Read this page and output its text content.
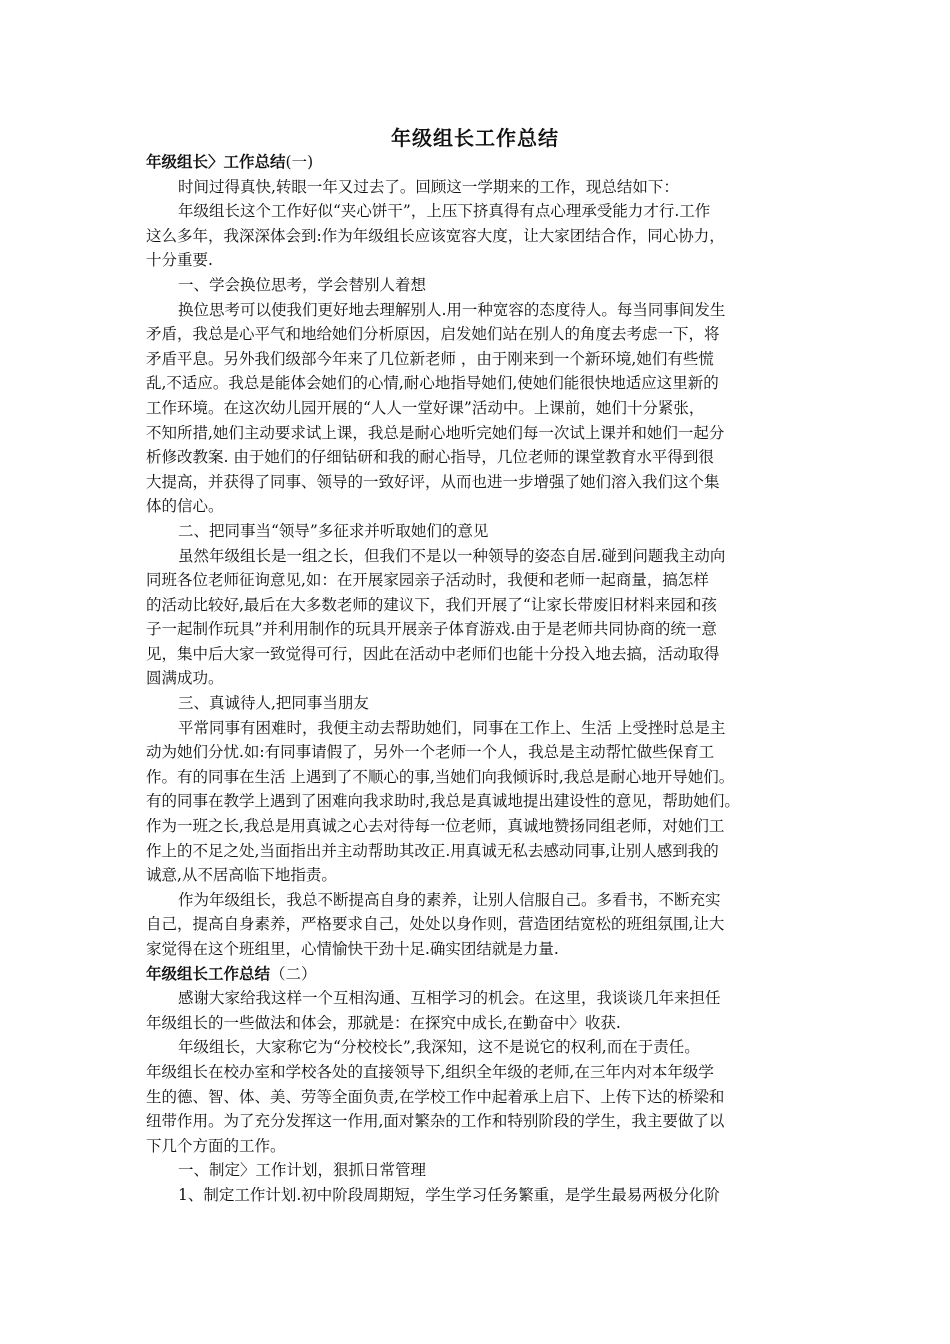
年级组长工作总结
年级组长〉工作总结(一)
时间过得真快,转眼一年又过去了。回顾这一学期来的工作，现总结如下：
年级组长这个工作好似“夹心饼干”，上压下挤真得有点心理承受能力才行.工作
这么多年，我深深体会到:作为年级组长应该宽容大度，让大家团结合作，同心协力，
十分重要.
一、学会换位思考，学会替别人着想
换位思考可以使我们更好地去理解别人.用一种宽容的态度待人。每当同事间发生
矛盾，我总是心平气和地给她们分析原因，启发她们站在别人的角度去考虑一下，将
矛盾平息。另外我们级部今年来了几位新老师 ，由于刚来到一个新环境,她们有些慌
乱,不适应。我总是能体会她们的心情,耐心地指导她们,使她们能很快地适应这里新的
工作环境。在这次幼儿园开展的“人人一堂好课”活动中。上课前，她们十分紧张，
不知所措,她们主动要求试上课，我总是耐心地听完她们每一次试上课并和她们一起分
析修改教案. 由于她们的仔细钻研和我的耐心指导，几位老师的课堂教育水平得到很
大提高，并获得了同事、领导的一致好评，从而也进一步增强了她们溶入我们这个集
体的信心。
二、把同事当“领导”多征求并听取她们的意见
虽然年级组长是一组之长，但我们不是以一种领导的姿态自居.碰到问题我主动向
同班各位老师征询意见,如：在开展家园亲子活动时，我便和老师一起商量，搞怎样
的活动比较好,最后在大多数老师的建议下，我们开展了“让家长带废旧材料来园和孩
子一起制作玩具”并利用制作的玩具开展亲子体育游戏.由于是老师共同协商的统一意
见，集中后大家一致觉得可行，因此在活动中老师们也能十分投入地去搞，活动取得
圆满成功。
三、真诚待人,把同事当朋友
平常同事有困难时，我便主动去帮助她们，同事在工作上、生活 上受挫时总是主
动为她们分忧.如:有同事请假了，另外一个老师一个人，我总是主动帮忙做些保育工
作。有的同事在生活 上遇到了不顺心的事,当她们向我倾诉时,我总是耐心地开导她们。
有的同事在教学上遇到了困难向我求助时,我总是真诚地提出建设性的意见，帮助她们。
作为一班之长,我总是用真诚之心去对待每一位老师，真诚地赞扬同组老师，对她们工
作上的不足之处,当面指出并主动帮助其改正.用真诚无私去感动同事,让别人感到我的
诚意,从不居高临下地指责。
作为年级组长，我总不断提高自身的素养，让别人信服自己。多看书，不断充实
自己，提高自身素养，严格要求自己，处处以身作则，营造团结宽松的班组氛围,让大
家觉得在这个班组里，心情愉快干劲十足.确实团结就是力量.
年级组长工作总结（二）
感谢大家给我这样一个互相沟通、互相学习的机会。在这里，我谈谈几年来担任
年级组长的一些做法和体会，那就是：在探究中成长,在勤奋中〉收获.
年级组长，大家称它为“分校校长”,我深知，这不是说它的权利,而在于责任。
年级组长在校办室和学校各处的直接领导下,组织全年级的老师,在三年内对本年级学
生的德、智、体、美、劳等全面负责,在学校工作中起着承上启下、上传下达的桥梁和
纽带作用。为了充分发挥这一作用,面对繁杂的工作和特别阶段的学生，我主要做了以
下几个方面的工作。
一、制定〉工作计划，狠抓日常管理
1、制定工作计划.初中阶段周期短，学生学习任务繁重，是学生最易两极分化阶
